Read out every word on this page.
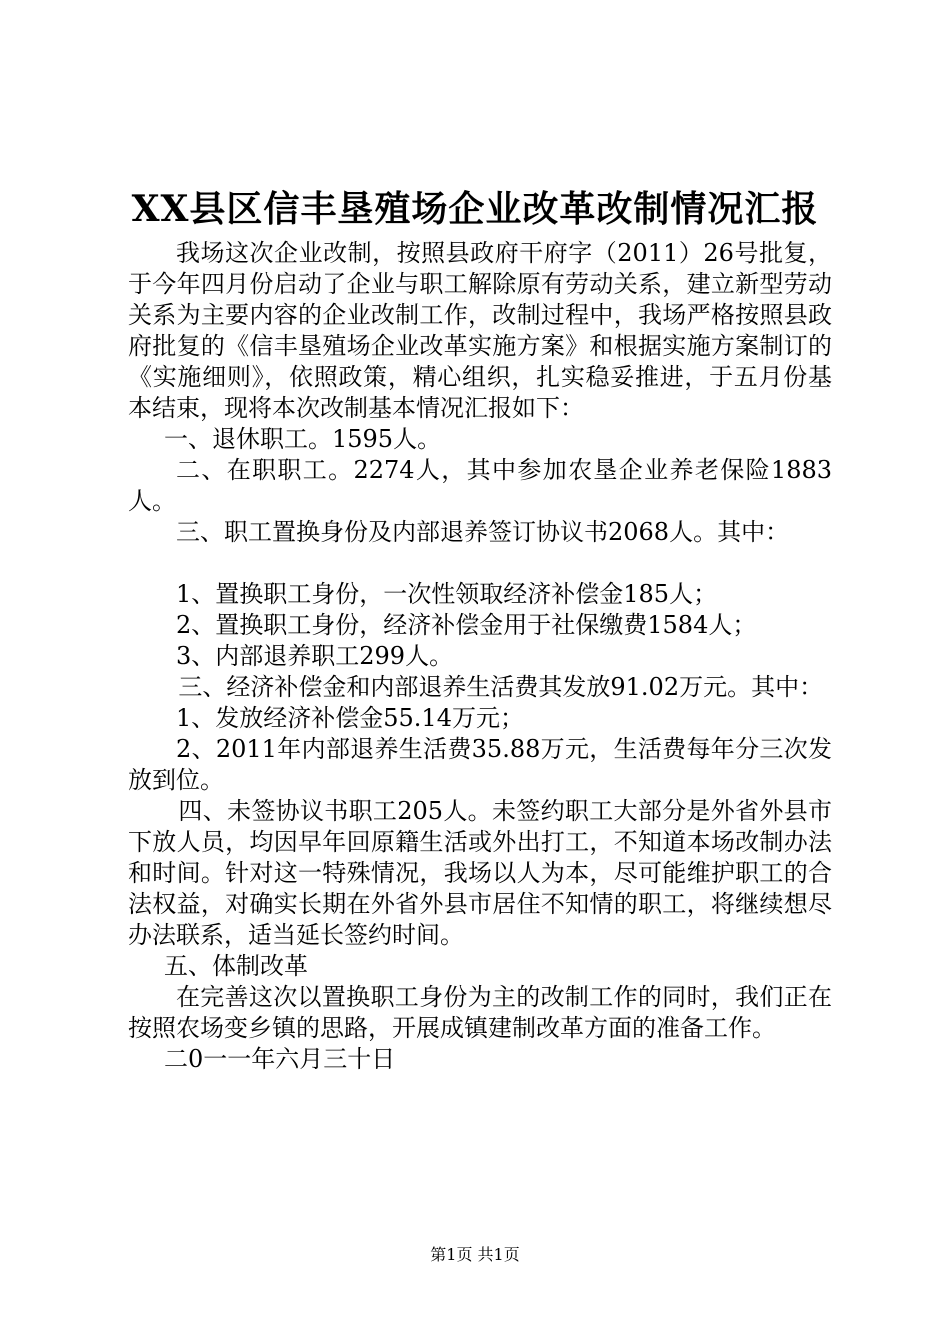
XX县区信丰垦殖场企业改革改制情况汇报

我场这次企业改制，按照县政府干府字（2011）26号批复，于今年四月份启动了企业与职工解除原有劳动关系，建立新型劳动关系为主要内容的企业改制工作，改制过程中，我场严格按照县政府批复的《信丰垦殖场企业改革实施方案》和根据实施方案制订的《实施细则》，依照政策，精心组织，扎实稳妥推进，于五月份基本结束，现将本次改制基本情况汇报如下：

一、退休职工。1595人。

二、在职职工。2274人，其中参加农垦企业养老保险1883人。

三、职工置换身份及内部退养签订协议书2068人。其中：

1、置换职工身份，一次性领取经济补偿金185人；

2、置换职工身份，经济补偿金用于社保缴费1584人；

3、内部退养职工299人。

三、经济补偿金和内部退养生活费其发放91.02万元。其中：

1、发放经济补偿金55.14万元；

2、2011年内部退养生活费35.88万元，生活费每年分三次发放到位。

四、未签协议书职工205人。未签约职工大部分是外省外县市下放人员，均因早年回原籍生活或外出打工，不知道本场改制办法和时间。针对这一特殊情况，我场以人为本，尽可能维护职工的合法权益，对确实长期在外省外县市居住不知情的职工，将继续想尽办法联系，适当延长签约时间。

五、体制改革

在完善这次以置换职工身份为主的改制工作的同时，我们正在按照农场变乡镇的思路，开展成镇建制改革方面的准备工作。

二0一一年六月三十日

第1页 共1页
